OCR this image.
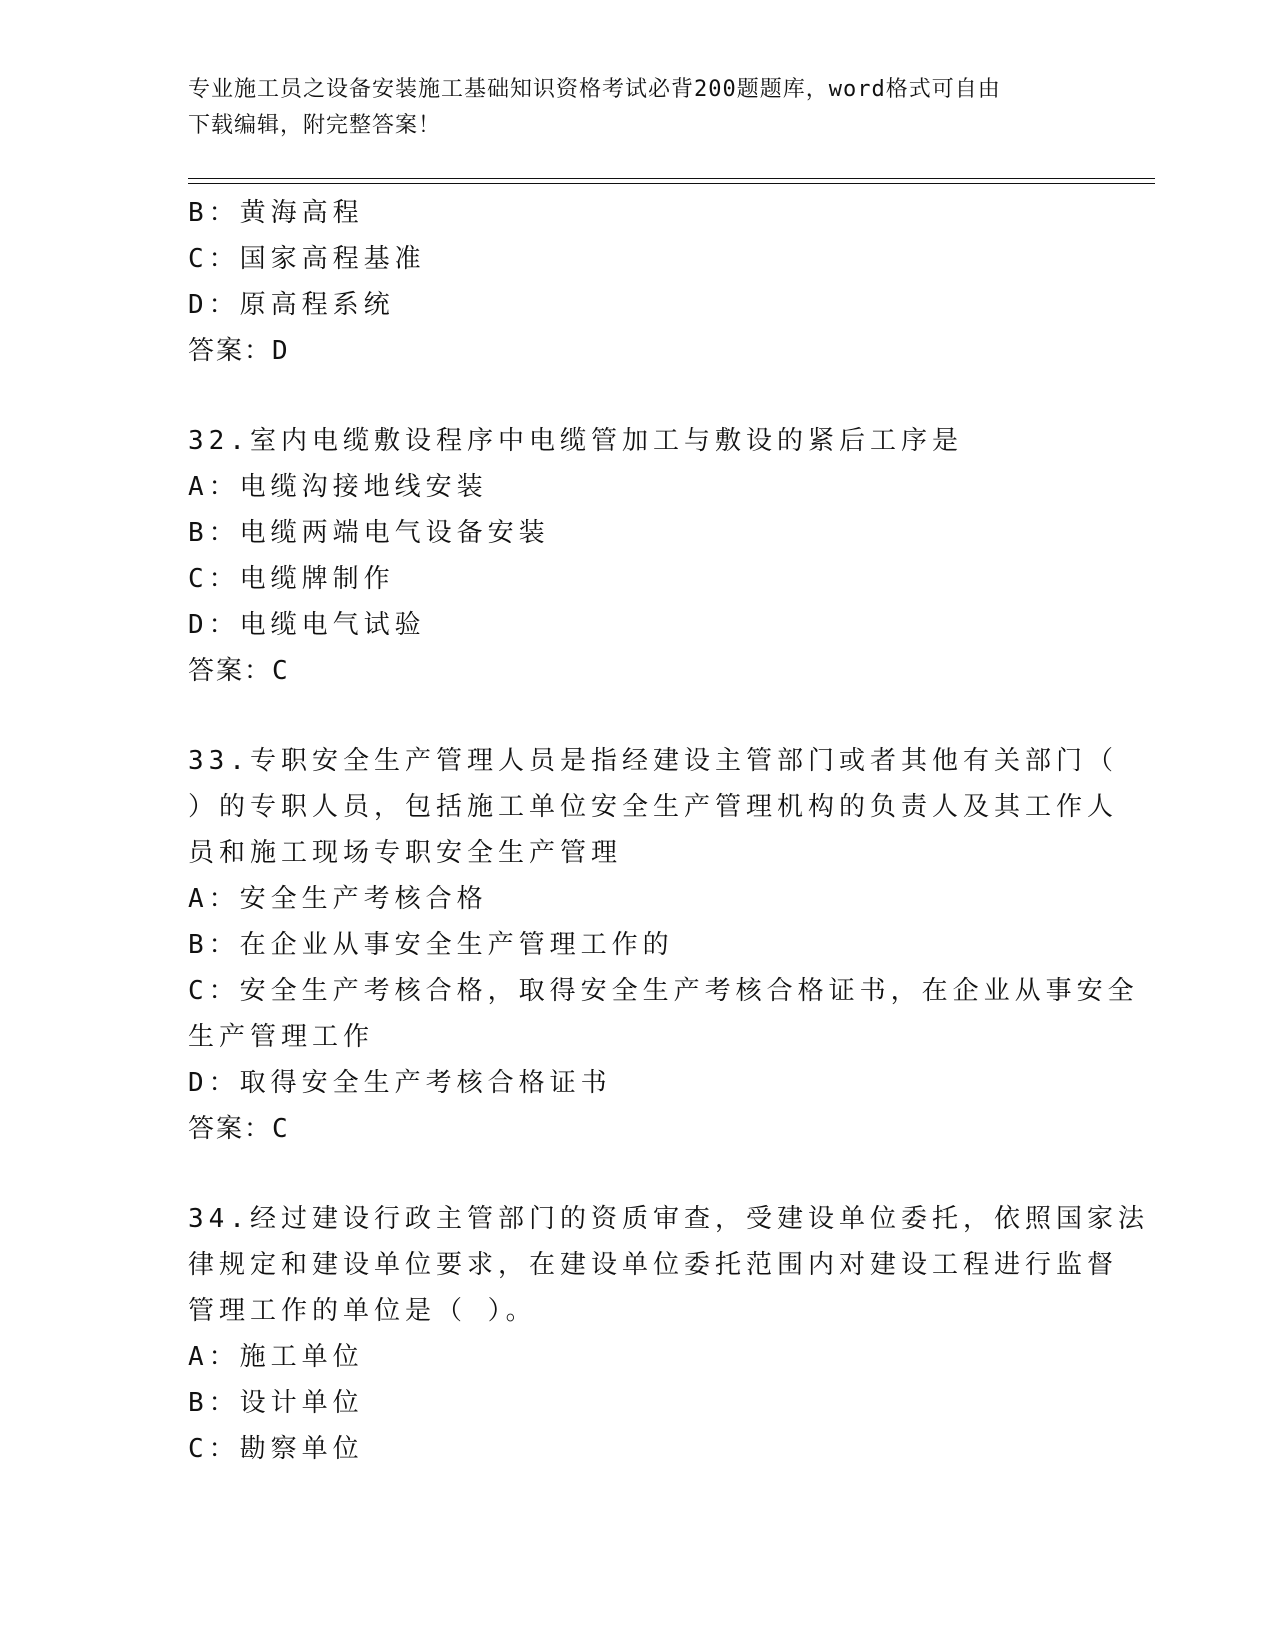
专业施工员之设备安装施工基础知识资格考试必背200题题库，word格式可自由
下载编辑，附完整答案！
B：黄海高程
C：国家高程基准
D：原高程系统
答案：D
32.室内电缆敷设程序中电缆管加工与敷设的紧后工序是
A：电缆沟接地线安装
B：电缆两端电气设备安装
C：电缆牌制作
D：电缆电气试验
答案：C
33.专职安全生产管理人员是指经建设主管部门或者其他有关部门（
）的专职人员，包括施工单位安全生产管理机构的负责人及其工作人
员和施工现场专职安全生产管理
A：安全生产考核合格
B：在企业从事安全生产管理工作的
C：安全生产考核合格，取得安全生产考核合格证书，在企业从事安全
生产管理工作
D：取得安全生产考核合格证书
答案：C
34.经过建设行政主管部门的资质审查，受建设单位委托，依照国家法
律规定和建设单位要求，在建设单位委托范围内对建设工程进行监督
管理工作的单位是（ ）。
A：施工单位
B：设计单位
C：勘察单位
